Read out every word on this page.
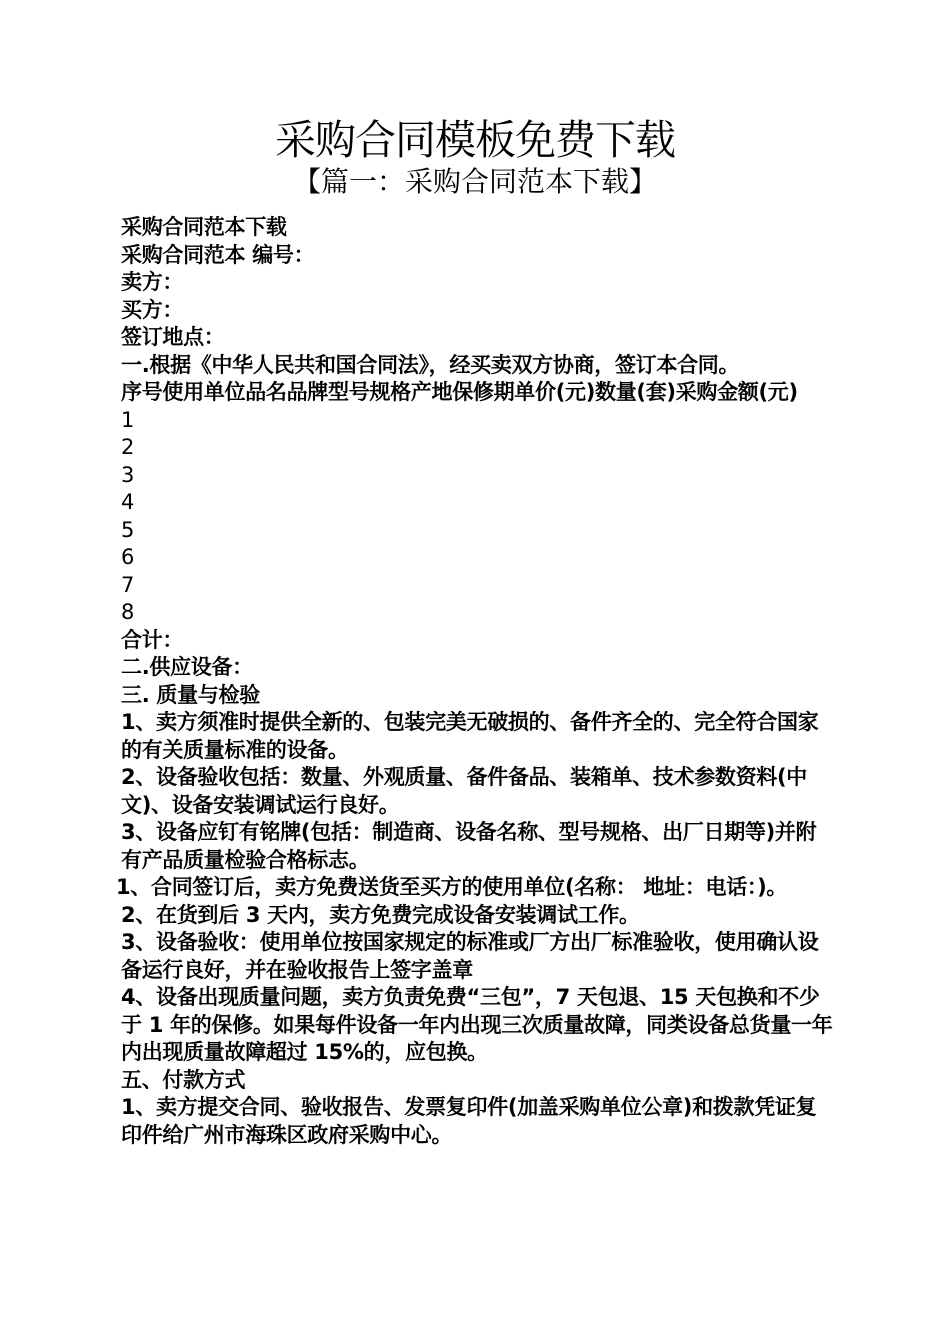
采购合同模板免费下载
【篇一：采购合同范本下载】
采购合同范本下载
采购合同范本 编号：
卖方：
买方：
签订地点：
一.根据《中华人民共和国合同法》，经买卖双方协商，签订本合同。
序号使用单位品名品牌型号规格产地保修期单价(元)数量(套)采购金额(元)
1
2
3
4
5
6
7
8
合计：
二.供应设备：
三. 质量与检验
1、卖方须准时提供全新的、包装完美无破损的、备件齐全的、完全符合国家的有关质量标准的设备。
2、设备验收包括：数量、外观质量、备件备品、装箱单、技术参数资料(中文)、设备安装调试运行良好。
3、设备应钉有铭牌(包括：制造商、设备名称、型号规格、出厂日期等)并附有产品质量检验合格标志。
1、合同签订后，卖方免费送货至买方的使用单位(名称： 地址：电话：)。
2、在货到后 3 天内，卖方免费完成设备安装调试工作。
3、设备验收：使用单位按国家规定的标准或厂方出厂标准验收，使用确认设备运行良好，并在验收报告上签字盖章
4、设备出现质量问题，卖方负责免费“三包”，7 天包退、15 天包换和不少于 1 年的保修。如果每件设备一年内出现三次质量故障，同类设备总货量一年内出现质量故障超过 15%的，应包换。
五、付款方式
1、卖方提交合同、验收报告、发票复印件(加盖采购单位公章)和拨款凭证复印件给广州市海珠区政府采购中心。
